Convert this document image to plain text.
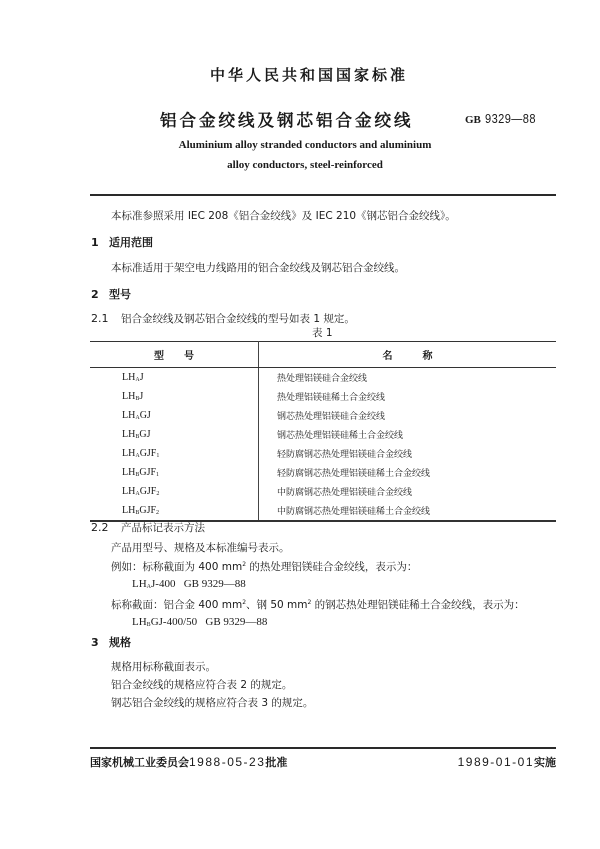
中华人民共和国国家标准
铝合金绞线及钢芯铝合金绞线	GB 9329—88
Aluminium alloy stranded conductors and aluminium
alloy conductors, steel-reinforced
本标准参照采用 IEC 208《铝合金绞线》及 IEC 210《钢芯铝合金绞线》。
1 适用范围
本标准适用于架空电力线路用的铝合金绞线及钢芯铝合金绞线。
2 型号
2.1 铝合金绞线及钢芯铝合金绞线的型号如表 1 规定。
表 1
型　　号	名　　　称
$LH_AJ$	热处理铝镁硅合金绞线
$LH_BJ$	热处理铝镁硅稀土合金绞线
$LH_AGJ$	钢芯热处理铝镁硅合金绞线
$LH_BGJ$	钢芯热处理铝镁硅稀土合金绞线
$LH_AGJF_1$	轻防腐钢芯热处理铝镁硅合金绞线
$LH_BGJF_1$	轻防腐钢芯热处理铝镁硅稀土合金绞线
$LH_AGJF_2$	中防腐钢芯热处理铝镁硅合金绞线
$LH_BGJF_2$	中防腐钢芯热处理铝镁硅稀土合金绞线
2.2 产品标记表示方法
产品用型号、规格及本标准编号表示。
例如：标称截面为 400 $mm^2$ 的热处理铝镁硅合金绞线，表示为：
$LH_AJ-400$   GB 9329—88
标称截面：铝合金 400 $mm^2$、钢 50 $mm^2$ 的钢芯热处理铝镁硅稀土合金绞线，表示为：
$LH_BGJ-400/50$   GB 9329—88
3 规格
规格用标称截面表示。
铝合金绞线的规格应符合表 2 的规定。
钢芯铝合金绞线的规格应符合表 3 的规定。
国家机械工业委员会1988-05-23批准	1989-01-01实施
